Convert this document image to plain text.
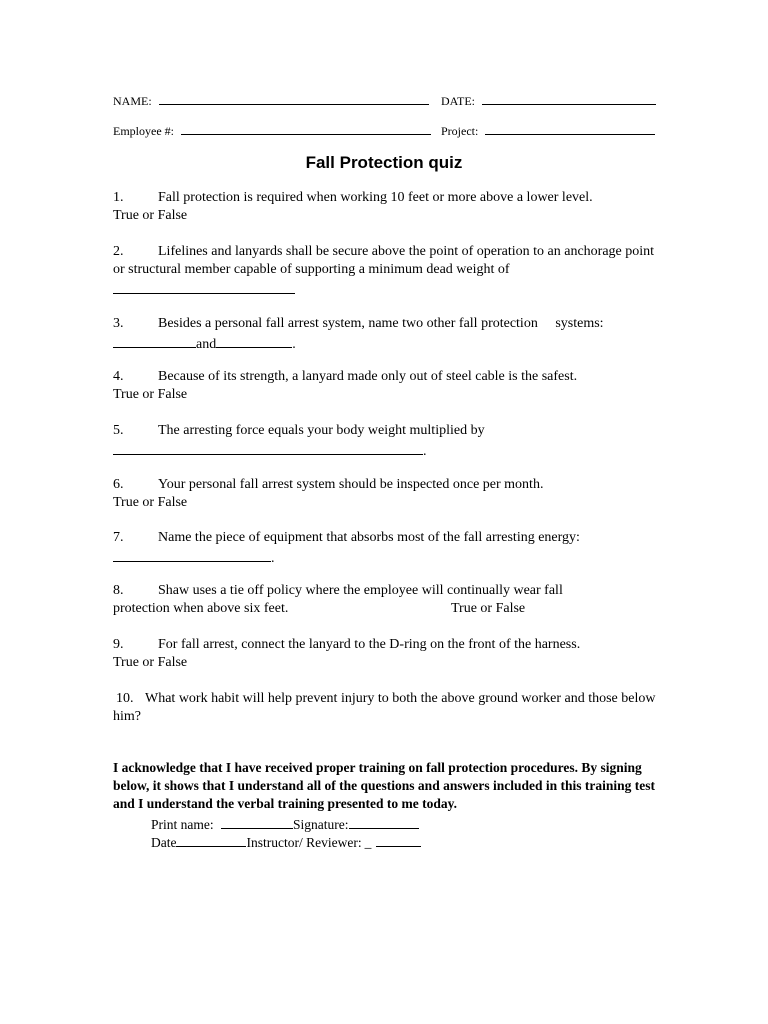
NAME:	DATE:
Employee #:	Project:
Fall Protection quiz
1. Fall protection is required when working 10 feet or more above a lower level.
True or False
2. Lifelines and lanyards shall be secure above the point of operation to an anchorage point or structural member capable of supporting a minimum dead weight of

3. Besides a personal fall arrest system, name two other fall protection     systems:
and	.
4. Because of its strength, a lanyard made only out of steel cable is the safest.
True or False
5. The arresting force equals your body weight multiplied by
.
6. Your personal fall arrest system should be inspected once per month.
True or False
7. Name the piece of equipment that absorbs most of the fall arresting energy:
.
8. Shaw uses a tie off policy where the employee will continually wear fall
protection when above six feet.	True or False
9. For fall arrest, connect the lanyard to the D-ring on the front of the harness.
True or False
10. What work habit will help prevent injury to both the above ground worker and those below him?
I acknowledge that I have received proper training on fall protection procedures. By signing below, it shows that I understand all of the questions and answers included in this training test and I understand the verbal training presented to me today.
Print name:	Signature:
Date	Instructor/ Reviewer: _
